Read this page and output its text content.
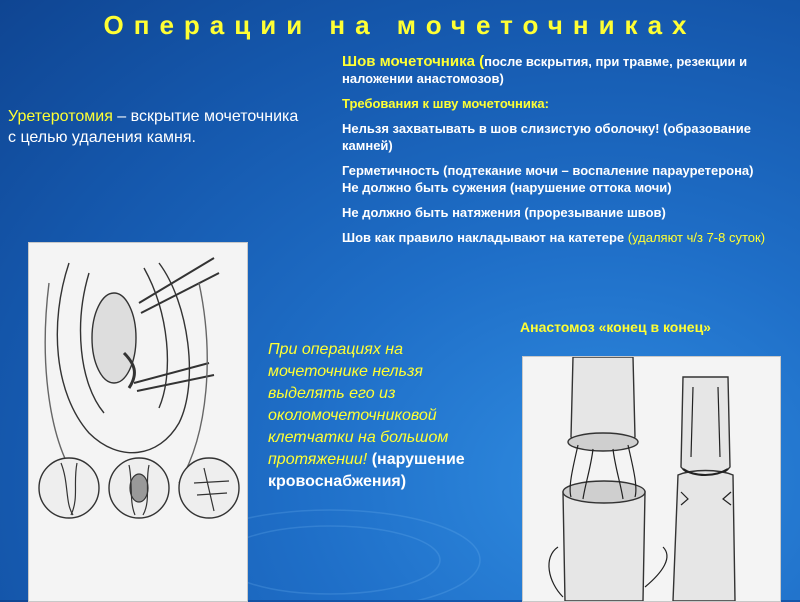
Операции на мочеточниках
Уретеротомия – вскрытие мочеточника с целью удаления камня.

Шов мочеточника (после вскрытия, при травме, резекции и наложении анастомозов)

Требования к шву мочеточника:

Нельзя захватывать в шов слизистую оболочку! (образование камней)

Герметичность (подтекание мочи – воспаление парауретерона) Не должно быть сужения (нарушение оттока мочи)

Не должно быть натяжения (прорезывание швов)

Шов как правило накладывают на катетере (удаляют ч/з 7-8 суток)

При операциях на мочеточнике нельзя выделять его из околомочеточниковой клетчатки на большом протяжении! (нарушение кровоснабжения)
Анастомоз «конец в конец»
